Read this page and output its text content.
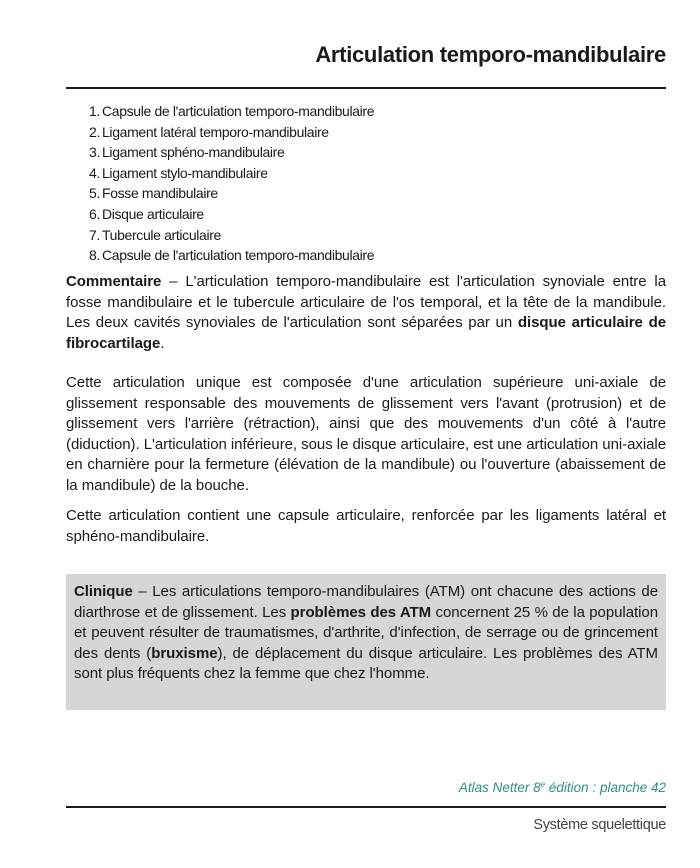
Articulation temporo-mandibulaire
1. Capsule de l'articulation temporo-mandibulaire
2. Ligament latéral temporo-mandibulaire
3. Ligament sphéno-mandibulaire
4. Ligament stylo-mandibulaire
5. Fosse mandibulaire
6. Disque articulaire
7. Tubercule articulaire
8. Capsule de l'articulation temporo-mandibulaire

Commentaire – L'articulation temporo-mandibulaire est l'articulation synoviale entre la fosse mandibulaire et le tubercule articulaire de l'os temporal, et la tête de la mandibule. Les deux cavités synoviales de l'articulation sont séparées par un disque articulaire de fibrocartilage.

Cette articulation unique est composée d'une articulation supérieure uni-axiale de glissement responsable des mouvements de glissement vers l'avant (protrusion) et de glissement vers l'arrière (rétraction), ainsi que des mouvements d'un côté à l'autre (diduction). L'articulation inférieure, sous le disque articulaire, est une articulation uni-axiale en charnière pour la fermeture (élévation de la mandibule) ou l'ouverture (abaissement de la mandibule) de la bouche.

Cette articulation contient une capsule articulaire, renforcée par les ligaments latéral et sphéno-mandibulaire.

Clinique – Les articulations temporo-mandibulaires (ATM) ont chacune des actions de diarthrose et de glissement. Les problèmes des ATM concernent 25 % de la population et peuvent résulter de traumatismes, d'arthrite, d'infection, de serrage ou de grincement des dents (bruxisme), de déplacement du disque articulaire. Les problèmes des ATM sont plus fréquents chez la femme que chez l'homme.

Atlas Netter 8e édition : planche 42
Système squelettique
